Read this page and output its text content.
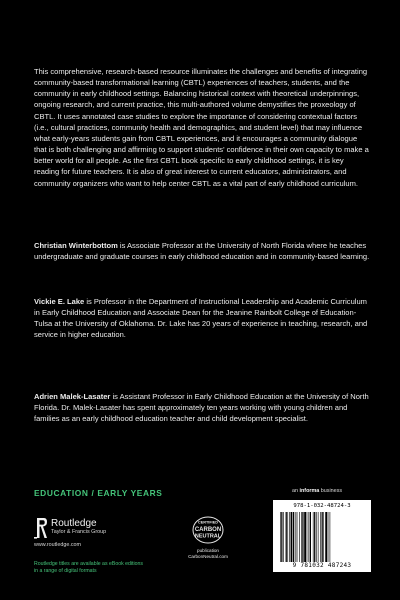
This comprehensive, research-based resource illuminates the challenges and benefits of integrating community-based transformational learning (CBTL) experiences of teachers, students, and the community in early childhood settings. Balancing historical context with theoretical underpinnings, ongoing research, and current practice, this multi-authored volume demystifies the proxeology of CBTL. It uses annotated case studies to explore the importance of considering contextual factors (i.e., cultural practices, community health and demographics, and student level) that may influence what early-years students gain from CBTL experiences, and it encourages a community dialogue that is both challenging and affirming to support students' confidence in their own capacity to make a better world for all people. As the first CBTL book specific to early childhood settings, it is key reading for future teachers. It is also of great interest to current educators, administrators, and community organizers who want to help center CBTL as a vital part of early childhood curriculum.

Christian Winterbottom is Associate Professor at the University of North Florida where he teaches undergraduate and graduate courses in early childhood education and in community-based learning.

Vickie E. Lake is Professor in the Department of Instructional Leadership and Academic Curriculum in Early Childhood Education and Associate Dean for the Jeanine Rainbolt College of Education-Tulsa at the University of Oklahoma. Dr. Lake has 20 years of experience in teaching, research, and service in higher education.

Adrien Malek-Lasater is Assistant Professor in Early Childhood Education at the University of North Florida. Dr. Malek-Lasater has spent approximately ten years working with young children and families as an early childhood education teacher and child development specialist.

EDUCATION / EARLY YEARS
Routledge
Taylor & Francis Group
www.routledge.com

Routledge titles are available as eBook editions in a range of digital formats

CERTIFIED
CARBON
NEUTRAL
publication
CarbonNeutral.com
an informa business
978-1-032-48724-3
9 781032 487243
